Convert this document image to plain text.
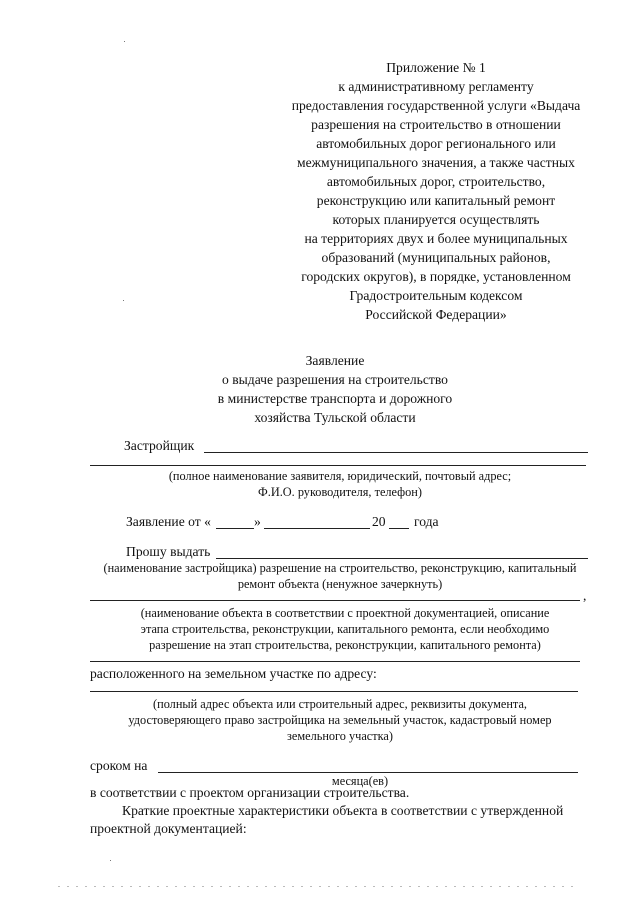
Приложение № 1
к административному регламенту
предоставления государственной услуги «Выдача
разрешения на строительство в отношении
автомобильных дорог регионального или
межмуниципального значения, а также частных
автомобильных дорог, строительство,
реконструкцию или капитальный ремонт
которых планируется осуществлять
на территориях двух и более муниципальных
образований (муниципальных районов,
городских округов), в порядке, установленном
Градостроительным кодексом
Российской Федерации»
Заявление
о выдаче разрешения на строительство
в министерстве транспорта и дорожного
хозяйства Тульской области
Застройщик
(полное наименование заявителя, юридический, почтовый адрес;
Ф.И.О. руководителя, телефон)
Заявление от «	»	20 года
Прошу выдать
(наименование застройщика) разрешение на строительство, реконструкцию, капитальный
ремонт объекта (ненужное зачеркнуть)
,
(наименование объекта в соответствии с проектной документацией, описание
этапа строительства, реконструкции, капитального ремонта, если необходимо
разрешение на этап строительства, реконструкции, капитального ремонта)
расположенного на земельном участке по адресу:
(полный адрес объекта или строительный адрес, реквизиты документа,
удостоверяющего право застройщика на земельный участок, кадастровый номер
земельного участка)
сроком на
месяца(ев)
в соответствии с проектом организации строительства.
Краткие проектные характеристики объекта в соответствии с утвержденной
проектной документацией:
